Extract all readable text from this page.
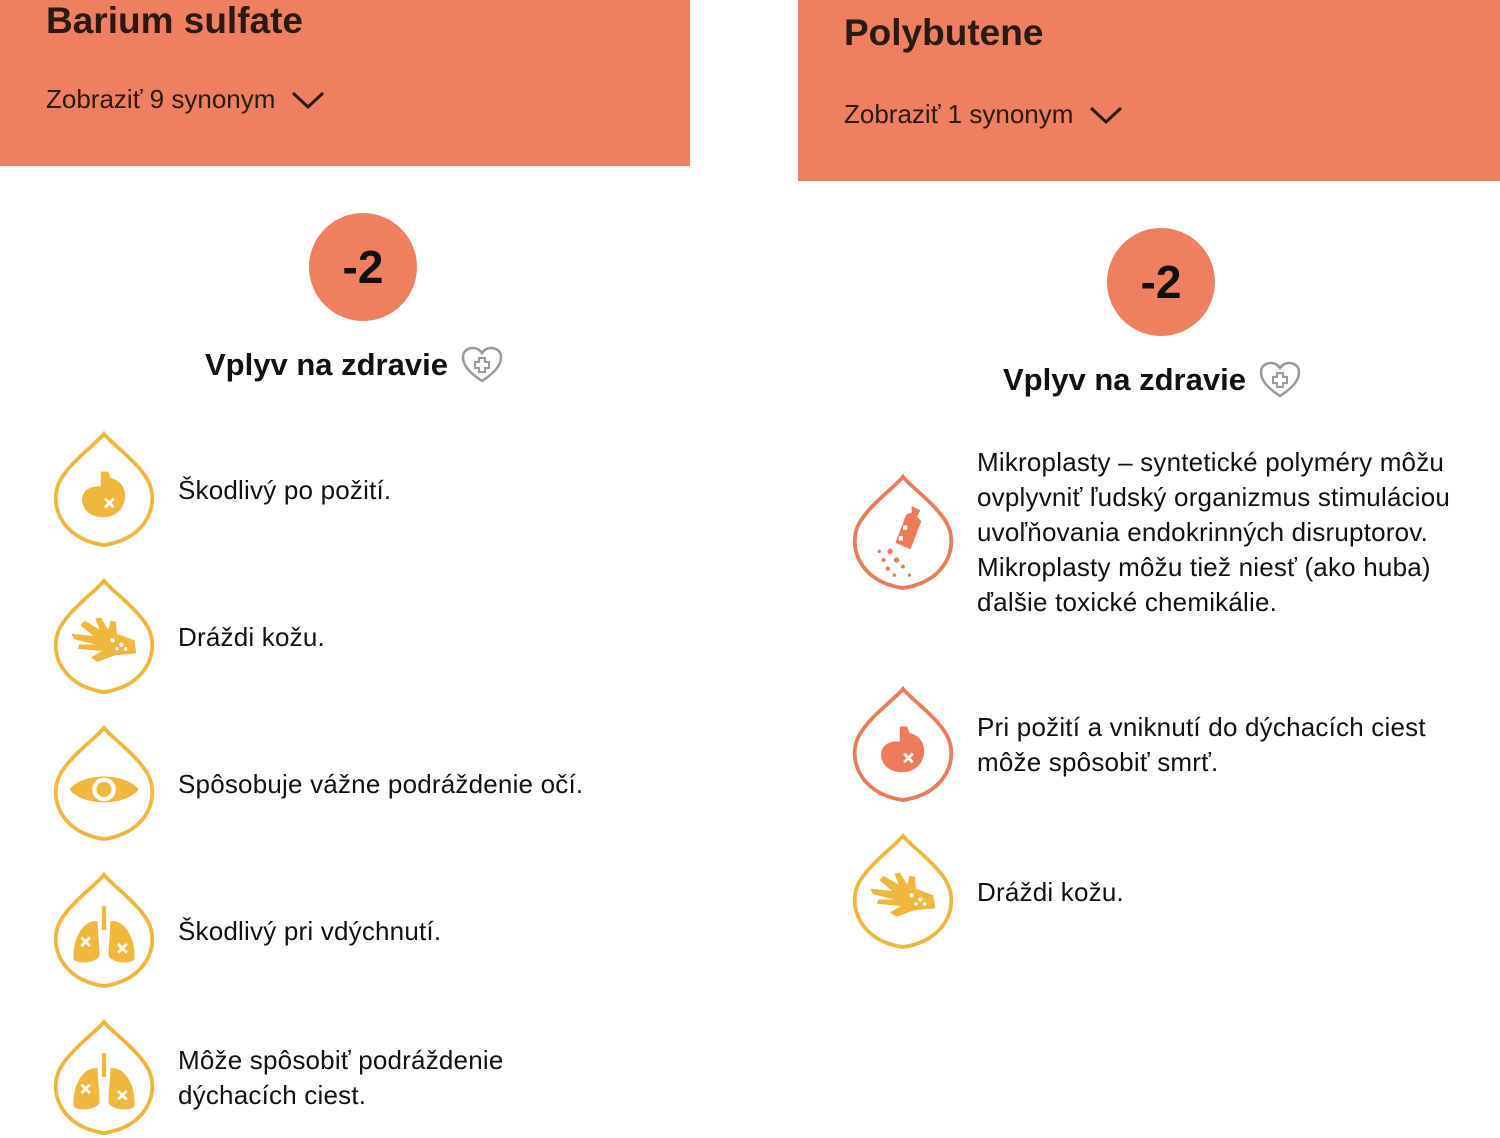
Barium sulfate
Zobraziť 9 synonym
-2
Vplyv na zdravie
Škodlivý po požití.
Dráždi kožu.
Spôsobuje vážne podráždenie očí.
Škodlivý pri vdýchnutí.
Môže spôsobiť podráždenie dýchacích ciest.
Polybutene
Zobraziť 1 synonym
-2
Vplyv na zdravie
Mikroplasty – syntetické polyméry môžu ovplyvniť ľudský organizmus stimuláciou uvoľňovania endokrinných disruptorov. Mikroplasty môžu tiež niesť (ako huba) ďalšie toxické chemikálie.
Pri požití a vniknutí do dýchacích ciest môže spôsobiť smrť.
Dráždi kožu.
